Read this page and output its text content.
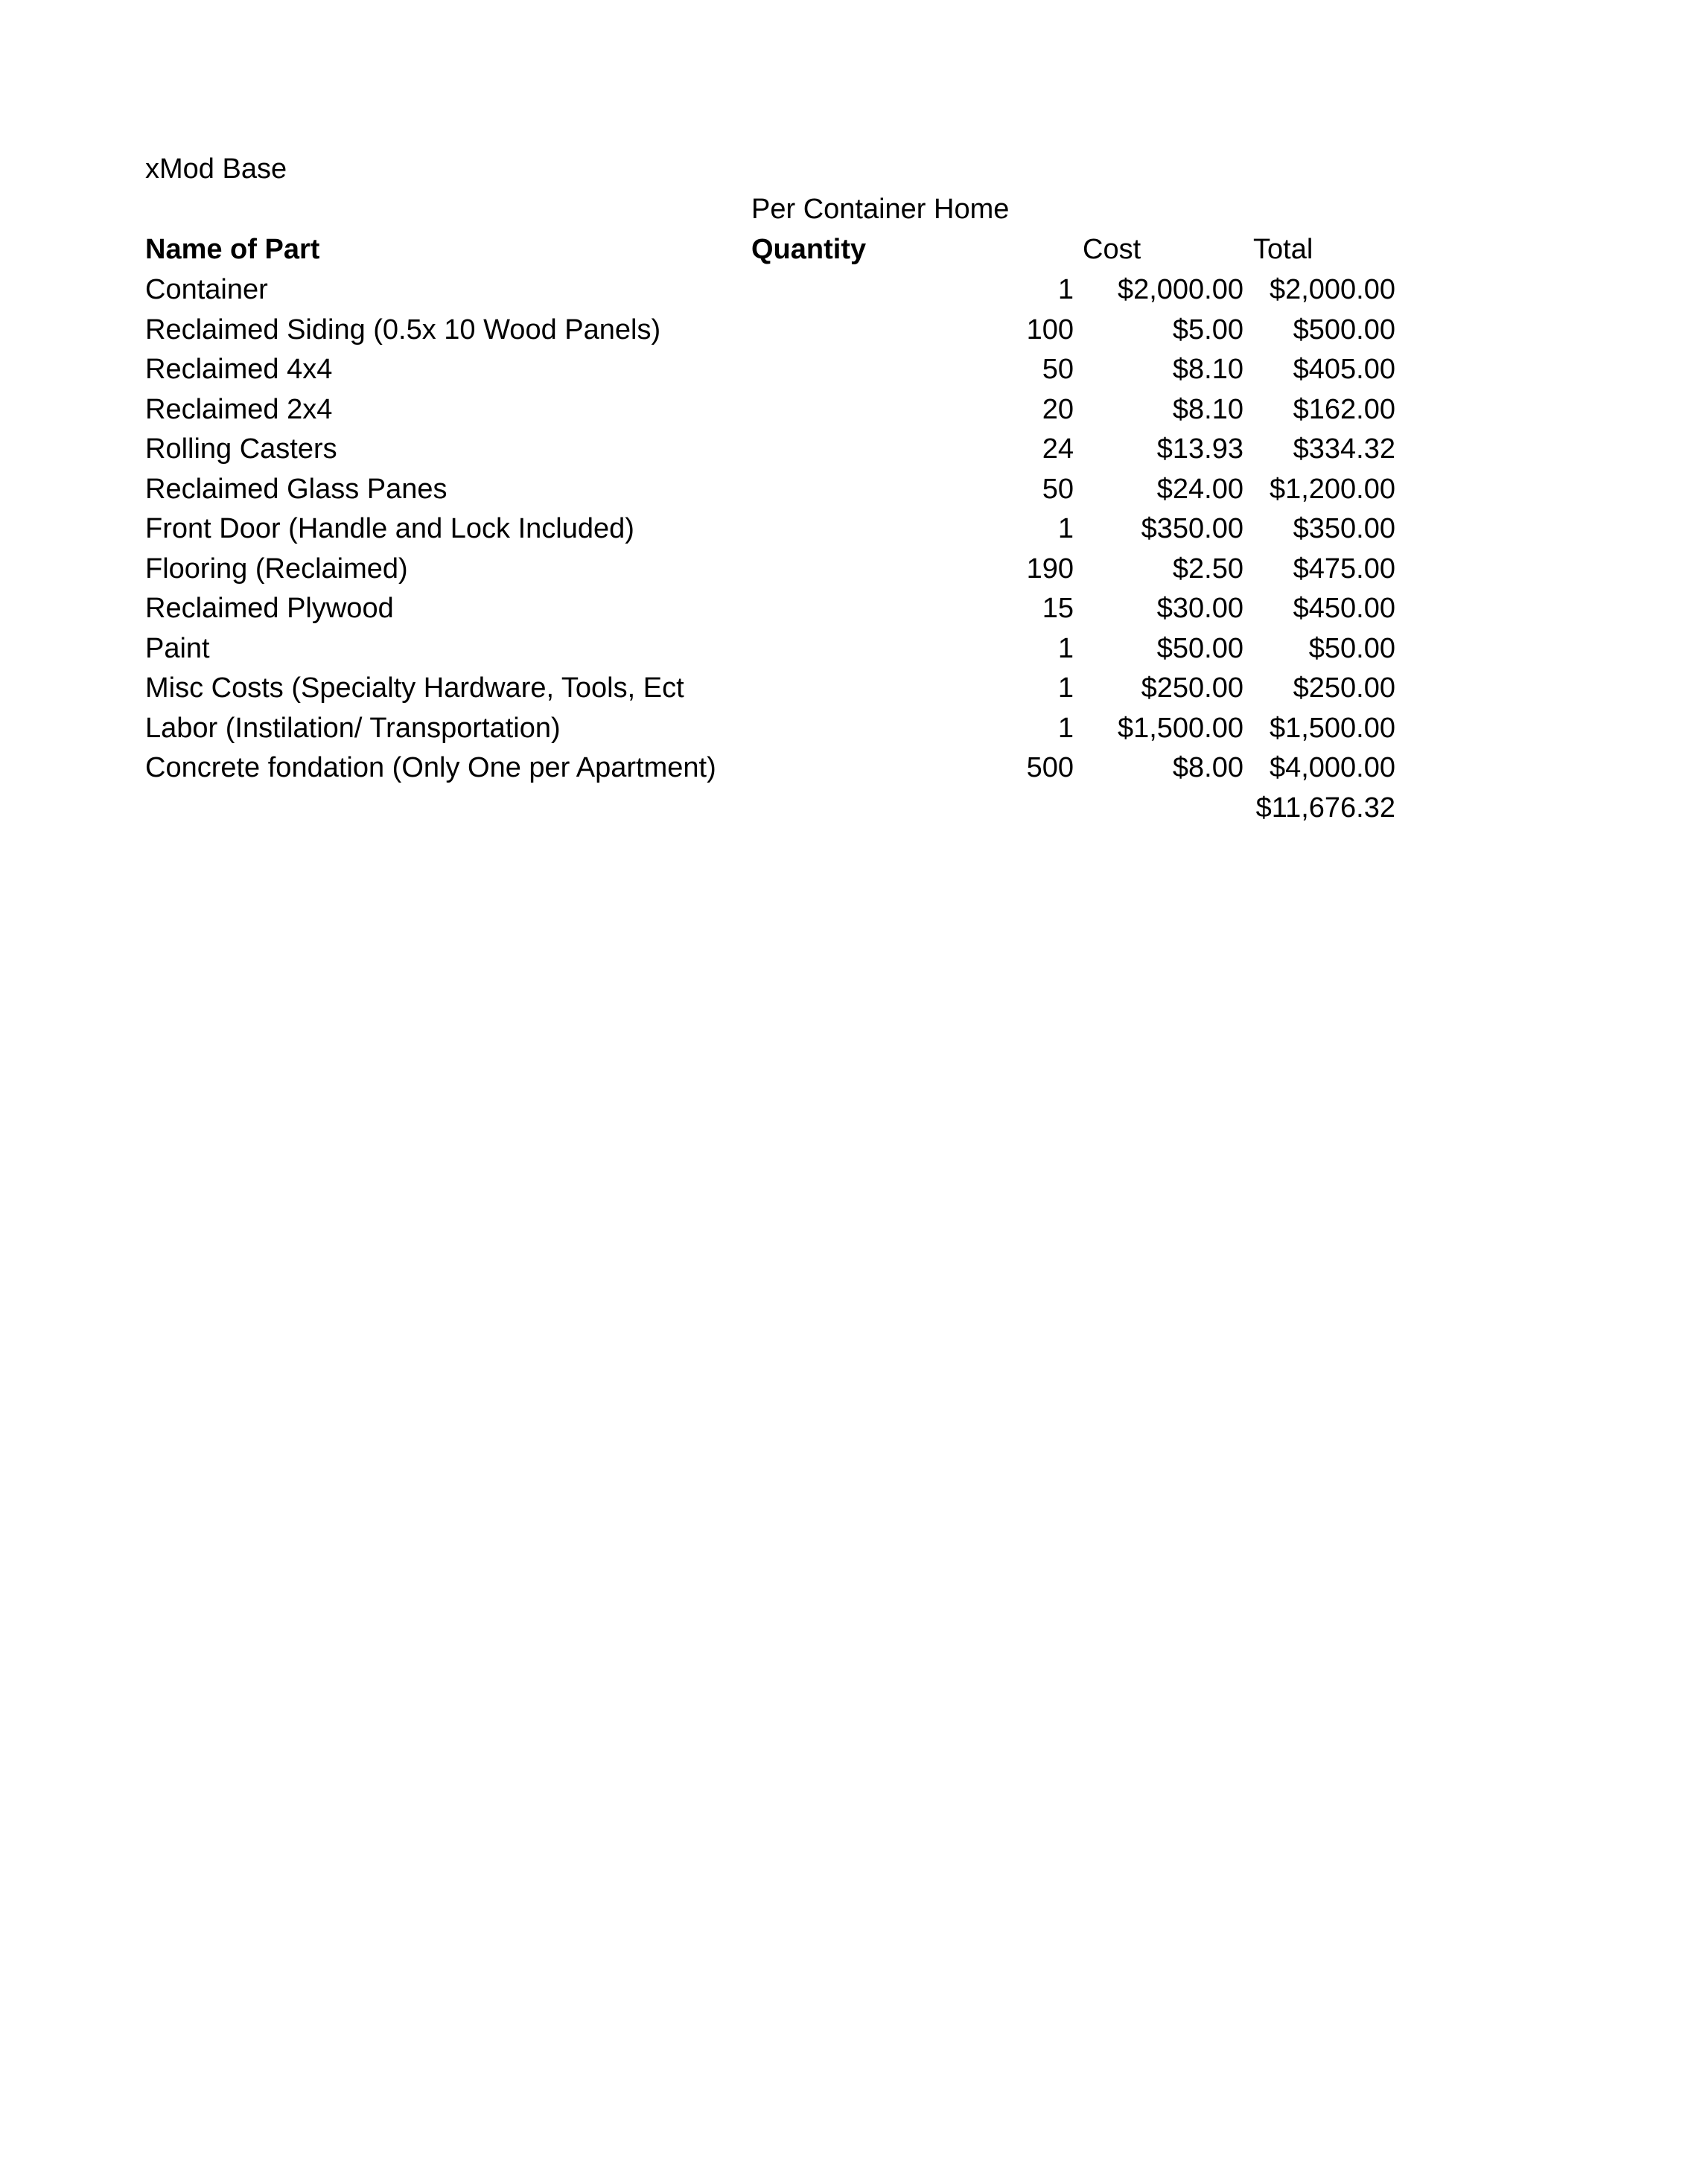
xMod Base
Per Container Home
Name of Part	Quantity	Cost	Total
Container	1 $2,000.00 $2,000.00
Reclaimed Siding (0.5x 10 Wood Panels)	100	$5.00 $500.00
Reclaimed 4x4	50	$8.10 $405.00
Reclaimed 2x4	20	$8.10 $162.00
Rolling Casters	24	$13.93 $334.32
Reclaimed Glass Panes	50	$24.00 $1,200.00
Front Door (Handle and Lock Included)	1 $350.00 $350.00
Flooring (Reclaimed)	190	$2.50 $475.00
Reclaimed Plywood	15	$30.00 $450.00
Paint	1	$50.00 $50.00
Misc Costs (Specialty Hardware, Tools, Ect	1 $250.00 $250.00
Labor (Instilation/ Transportation)	1 $1,500.00 $1,500.00
Concrete fondation (Only One per Apartment)	500	$8.00 $4,000.00
$11,676.32
